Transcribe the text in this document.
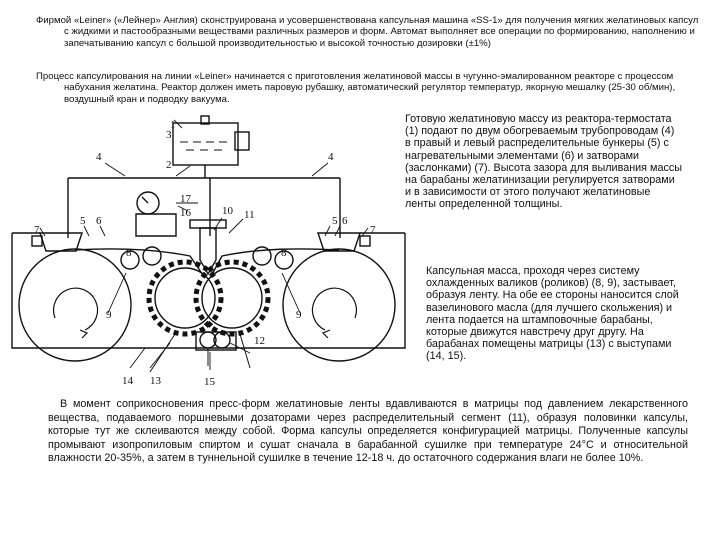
Фирмой «Leiner» («Лейнер» Англия) сконструирована и усовершенствована капсульная машина «SS-1» для получения мягких желатиновых капсул с жидкими и пастообразными веществами различных размеров и форм. Автомат выполняет все операции по формированию, наполнению и запечатыванию капсул с большой производительностью и высокой точностью дозировки (±1%)
Процесс капсулирования на линии «Leiner» начинается с приготовления желатиновой массы в чугунно-эмалированном реакторе с процессом набухания желатина. Реактор должен иметь паровую рубашку, автоматический регулятор температур, якорную мешалку (25-30 об/мин), воздушный кран и подводку вакуума.
1
2
3
4	4
5	5
6	6
7	7
8	8
9	9
10 11
12
13
14	15
16
17
Готовую желатиновую массу из реактора-термостата (1) подают по двум обогреваемым трубопроводам (4) в правый и левый распределительные бункеры (5) с нагревательными элементами (6) и затворами (заслонками) (7). Высота зазора для выливания массы на барабаны желатинизации регулируется затворами и в зависимости от этого получают желатиновые ленты определенной толщины.
Капсульная масса, проходя через систему охлажденных валиков (роликов) (8, 9), застывает, образуя ленту. На обе ее стороны наносится слой вазелинового масла (для лучшего скольжения) и лента подается на штамповочные барабаны, которые движутся навстречу друг другу. На барабанах помещены матрицы (13) с выступами (14, 15).
В момент соприкосновения пресс-форм желатиновые ленты вдавливаются в матрицы под давлением лекарственного вещества, подаваемого поршневыми дозаторами через распределительный сегмент (11), образуя половинки капсулы, которые тут же склеиваются между собой. Форма капсулы определяется конфигурацией матрицы. Полученные капсулы промывают изопропиловым спиртом и сушат сначала в барабанной сушилке при температуре 24°С и относительной влажности 20-35%, а затем в туннельной сушилке в течение 12-18 ч. до остаточного содержания влаги не более 10%.
